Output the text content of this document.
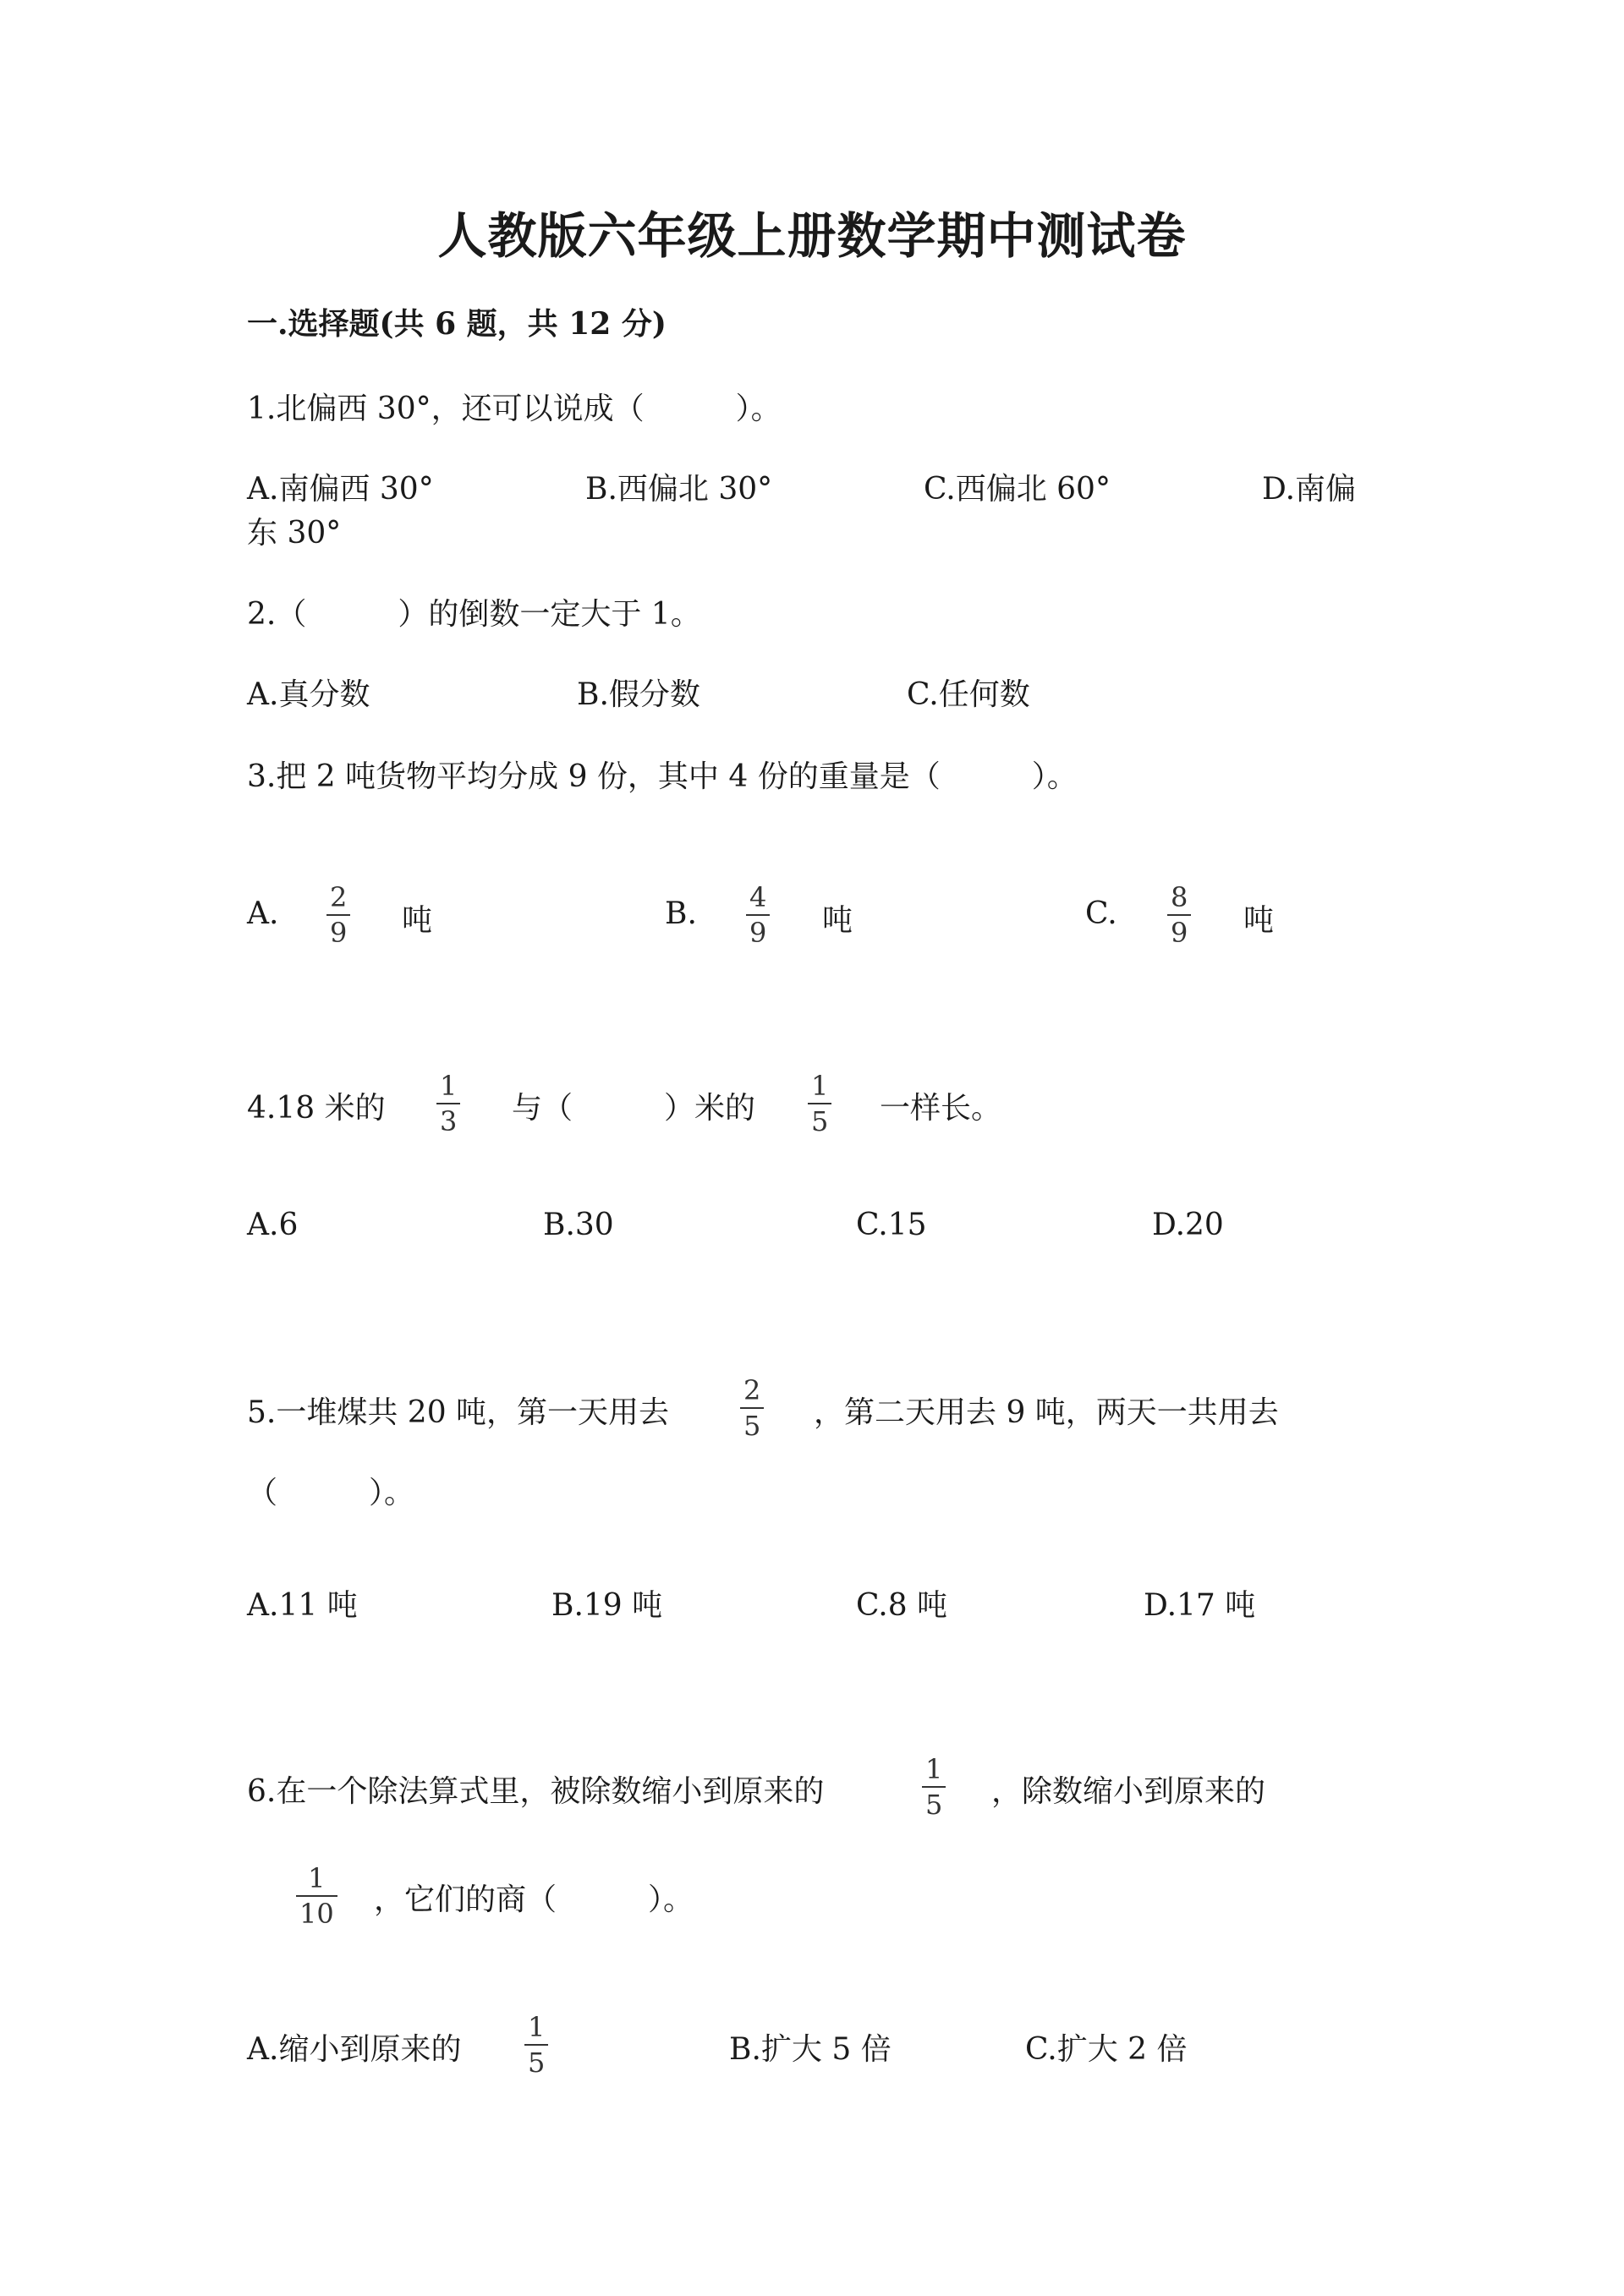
人教版六年级上册数学期中测试卷
一.选择题(共 6 题，共 12 分)
1.北偏西 30°，还可以说成（　　　）。
A.南偏西 30°	B.西偏北 30°	C.西偏北 60°	D.南偏
东 30°
2.（　　　）的倒数一定大于 1。
A.真分数	B.假分数	C.任何数
3.把 2 吨货物平均分成 9 份，其中 4 份的重量是（　　　）。
A. $\frac{2}{9}$ 吨	B. $\frac{4}{9}$ 吨	C. $\frac{8}{9}$ 吨
4.18 米的 $\frac{1}{3}$ 与（　　　）米的 $\frac{1}{5}$ 一样长。
A.6	B.30	C.15	D.20
5.一堆煤共 20 吨，第一天用去	$\frac{2}{5}$ ，第二天用去 9 吨，两天一共用去
（　　　）。
A.11 吨	B.19 吨	C.8 吨	D.17 吨
6.在一个除法算式里，被除数缩小到原来的	$\frac{1}{5}$ ，除数缩小到原来的
$\frac{1}{10}$ ，它们的商（　　　）。
A.缩小到原来的 $\frac{1}{5}$	B.扩大 5 倍	C.扩大 2 倍
